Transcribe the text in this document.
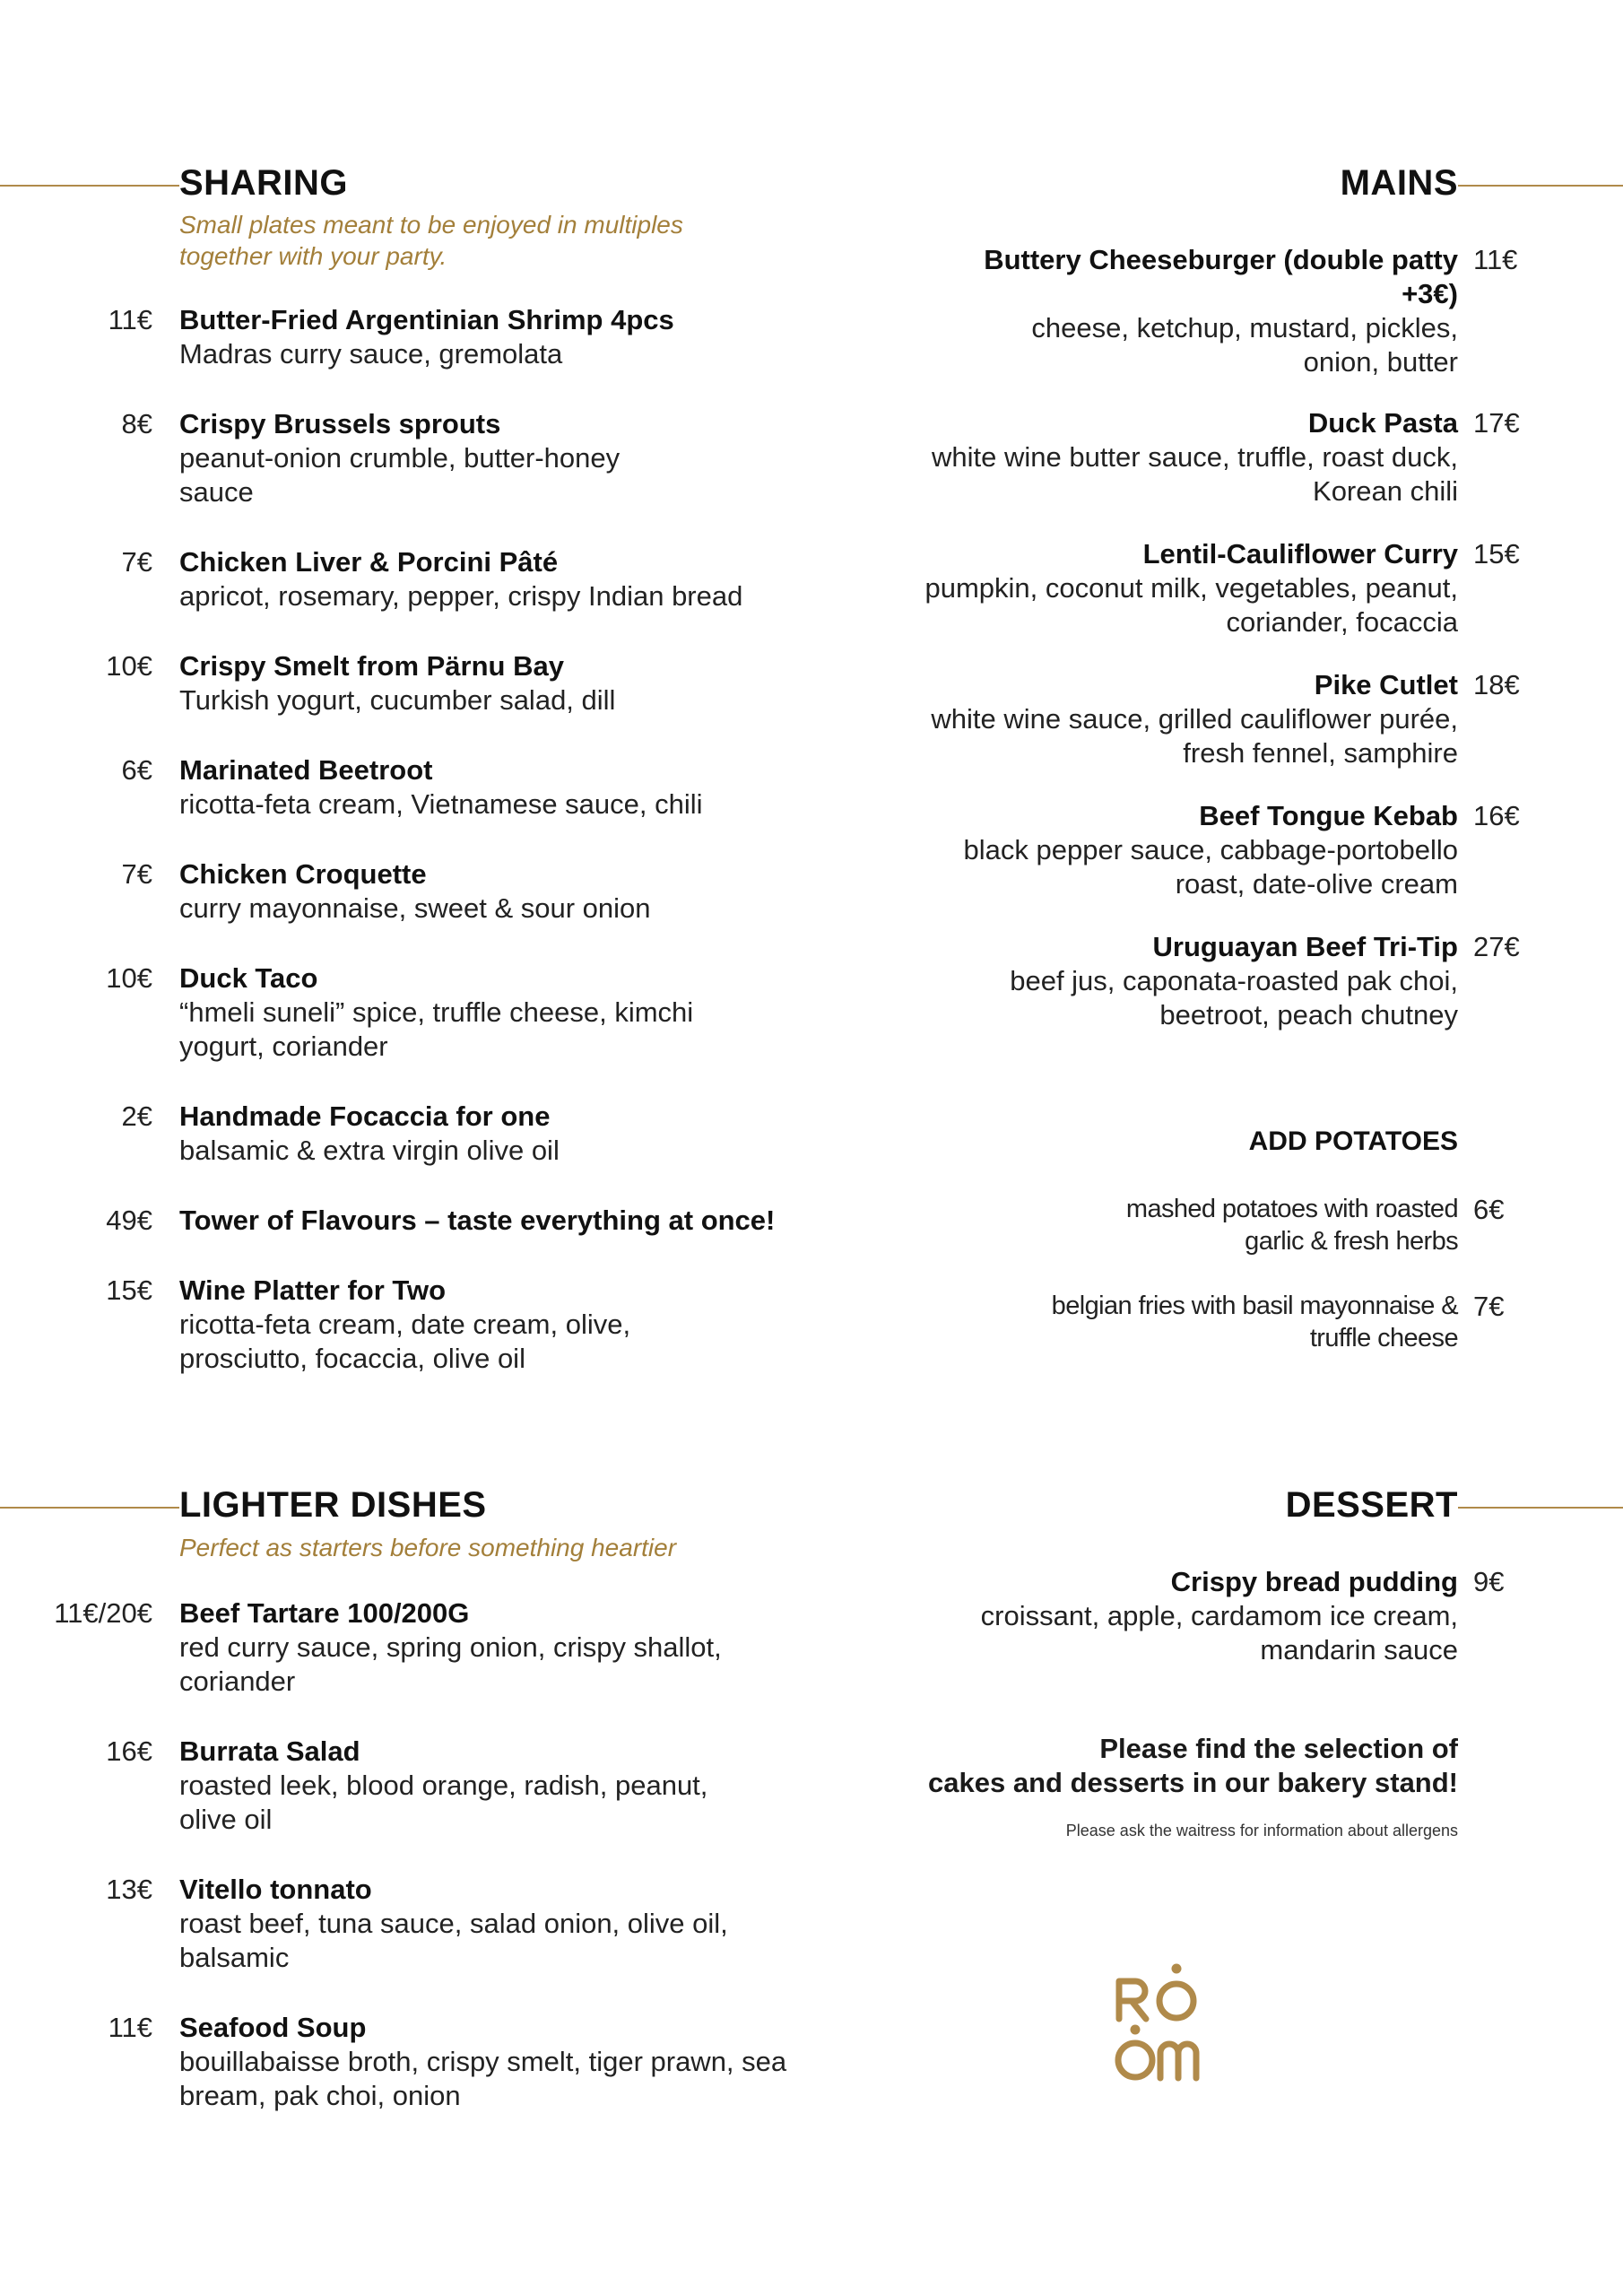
SHARING
Small plates meant to be enjoyed in multiples
together with your party.
11€ Butter-Fried Argentinian Shrimp 4pcs
Madras curry sauce, gremolata
8€ Crispy Brussels sprouts
peanut-onion crumble, butter-honey sauce
7€ Chicken Liver & Porcini Pâté
apricot, rosemary, pepper, crispy Indian bread
10€ Crispy Smelt from Pärnu Bay
Turkish yogurt, cucumber salad, dill
6€ Marinated Beetroot
ricotta-feta cream, Vietnamese sauce, chili
7€ Chicken Croquette
curry mayonnaise, sweet & sour onion
10€ Duck Taco
“hmeli suneli” spice, truffle cheese, kimchi yogurt, coriander
2€ Handmade Focaccia for one
balsamic & extra virgin olive oil
49€ Tower of Flavours – taste everything at once!
15€ Wine Platter for Two
ricotta-feta cream, date cream, olive, prosciutto, focaccia, olive oil
LIGHTER DISHES
Perfect as starters before something heartier
11€/20€ Beef Tartare 100/200G
red curry sauce, spring onion, crispy shallot, coriander
16€ Burrata Salad
roasted leek, blood orange, radish, peanut, olive oil
13€ Vitello tonnato
roast beef, tuna sauce, salad onion, olive oil, balsamic
11€ Seafood Soup
bouillabaisse broth, crispy smelt, tiger prawn, sea bream, pak choi, onion
MAINS
Buttery Cheeseburger (double patty +3€)
cheese, ketchup, mustard, pickles, onion, butter
11€
Duck Pasta
white wine butter sauce, truffle, roast duck, Korean chili
17€
Lentil-Cauliflower Curry
pumpkin, coconut milk, vegetables, peanut, coriander, focaccia
15€
Pike Cutlet
white wine sauce, grilled cauliflower purée, fresh fennel, samphire
18€
Beef Tongue Kebab
black pepper sauce, cabbage-portobello roast, date-olive cream
16€
Uruguayan Beef Tri-Tip
beef jus, caponata-roasted pak choi, beetroot, peach chutney
27€
ADD POTATOES
mashed potatoes with roasted garlic & fresh herbs
6€
belgian fries with basil mayonnaise & truffle cheese
7€
DESSERT
Crispy bread pudding
croissant, apple, cardamom ice cream, mandarin sauce
9€
Please find the selection of
cakes and desserts in our bakery stand!
Please ask the waitress for information about allergens
